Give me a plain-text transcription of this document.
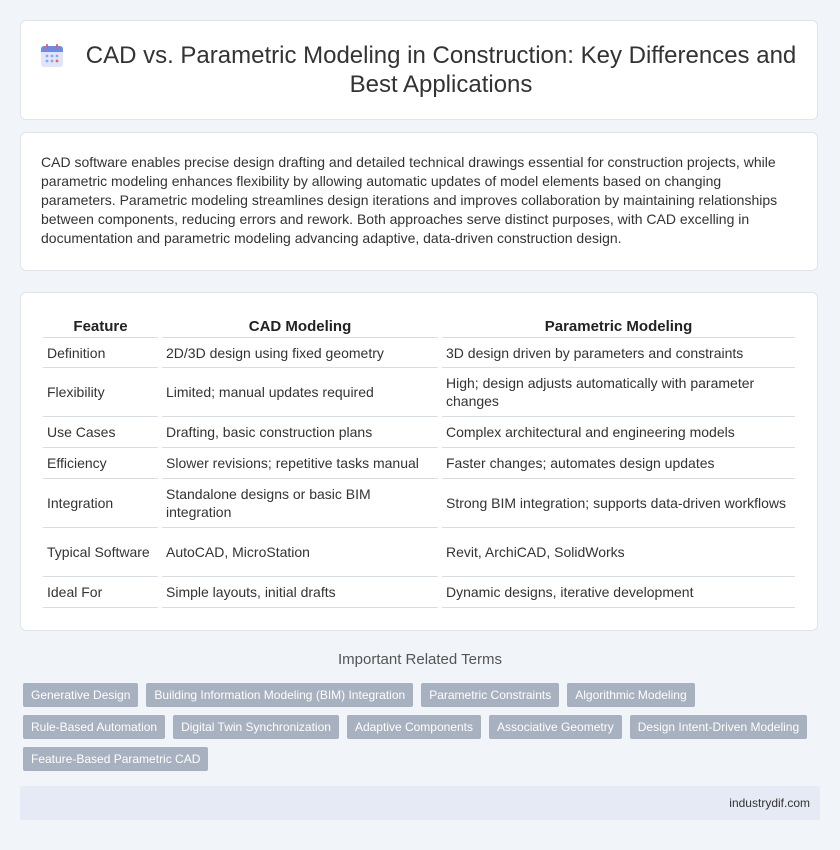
CAD vs. Parametric Modeling in Construction: Key Differences and Best Applications

CAD software enables precise design drafting and detailed technical drawings essential for construction projects, while parametric modeling enhances flexibility by allowing automatic updates of model elements based on changing parameters. Parametric modeling streamlines design iterations and improves collaboration by maintaining relationships between components, reducing errors and rework. Both approaches serve distinct purposes, with CAD excelling in documentation and parametric modeling advancing adaptive, data-driven construction design.

Feature	CAD Modeling	Parametric Modeling
Definition	2D/3D design using fixed geometry	3D design driven by parameters and constraints
Flexibility	Limited; manual updates required	High; design adjusts automatically with parameter changes
Use Cases	Drafting, basic construction plans	Complex architectural and engineering models
Efficiency	Slower revisions; repetitive tasks manual	Faster changes; automates design updates
Integration	Standalone designs or basic BIM integration	Strong BIM integration; supports data-driven workflows
Typical Software	AutoCAD, MicroStation	Revit, ArchiCAD, SolidWorks
Ideal For	Simple layouts, initial drafts	Dynamic designs, iterative development
Important Related Terms
Generative Design	Building Information Modeling (BIM) Integration	Parametric Constraints	Algorithmic Modeling
Rule-Based Automation	Digital Twin Synchronization	Adaptive Components	Associative Geometry	Design Intent-Driven Modeling
Feature-Based Parametric CAD
industrydif.com
